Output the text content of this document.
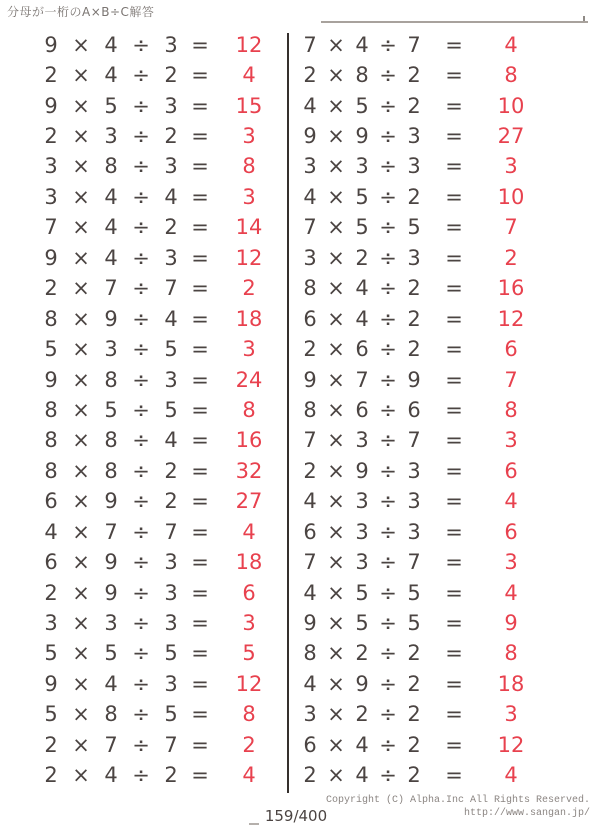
分母が一桁のA×B÷C解答
9 × 4 ÷ 3 =	12
2 × 4 ÷ 2 =	4
9 × 5 ÷ 3 =	15
2 × 3 ÷ 2 =	3
3 × 8 ÷ 3 =	8
3 × 4 ÷ 4 =	3
7 × 4 ÷ 2 =	14
9 × 4 ÷ 3 =	12
2 × 7 ÷ 7 =	2
8 × 9 ÷ 4 =	18
5 × 3 ÷ 5 =	3
9 × 8 ÷ 3 =	24
8 × 5 ÷ 5 =	8
8 × 8 ÷ 4 =	16
8 × 8 ÷ 2 =	32
6 × 9 ÷ 2 =	27
4 × 7 ÷ 7 =	4
6 × 9 ÷ 3 =	18
2 × 9 ÷ 3 =	6
3 × 3 ÷ 3 =	3
5 × 5 ÷ 5 =	5
9 × 4 ÷ 3 =	12
5 × 8 ÷ 5 =	8
2 × 7 ÷ 7 =	2
2 × 4 ÷ 2 =	4
7 × 4 ÷ 7	=	4
2 × 8 ÷ 2	=	8
4 × 5 ÷ 2	=	10
9 × 9 ÷ 3	=	27
3 × 3 ÷ 3	=	3
4 × 5 ÷ 2	=	10
7 × 5 ÷ 5	=	7
3 × 2 ÷ 3	=	2
8 × 4 ÷ 2	=	16
6 × 4 ÷ 2	=	12
2 × 6 ÷ 2	=	6
9 × 7 ÷ 9	=	7
8 × 6 ÷ 6	=	8
7 × 3 ÷ 7	=	3
2 × 9 ÷ 3	=	6
4 × 3 ÷ 3	=	4
6 × 3 ÷ 3	=	6
7 × 3 ÷ 7	=	3
4 × 5 ÷ 5	=	4
9 × 5 ÷ 5	=	9
8 × 2 ÷ 2	=	8
4 × 9 ÷ 2	=	18
3 × 2 ÷ 2	=	3
6 × 4 ÷ 2	=	12
2 × 4 ÷ 2	=	4
159/400
Copyright (C) Alpha.Inc All Rights Reserved.
http://www.sangan.jp/
